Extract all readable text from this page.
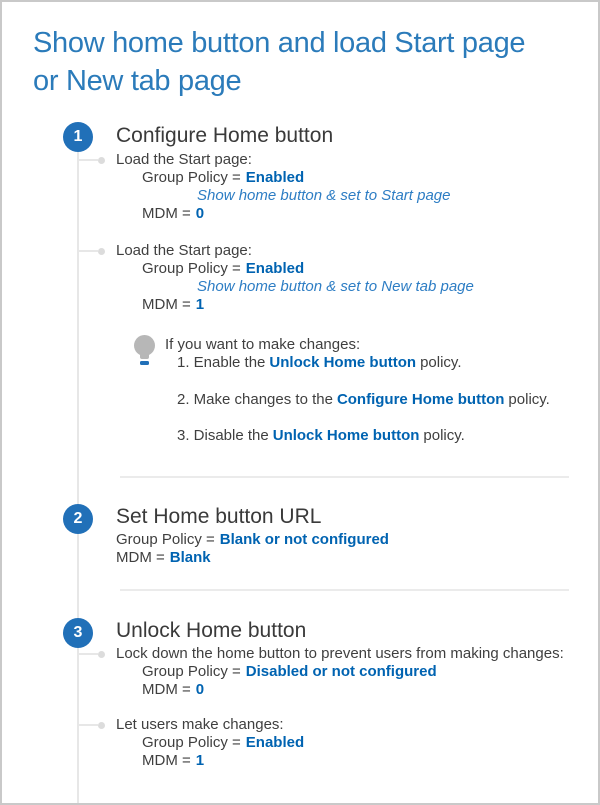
Show home button and load Start page
or New tab page
1 Configure Home button
Load the Start page:
Group Policy = Enabled
Show home button & set to Start page
MDM = 0
Load the Start page:
Group Policy = Enabled
Show home button & set to New tab page
MDM = 1
If you want to make changes:
1. Enable the Unlock Home button policy.
2. Make changes to the Configure Home button policy.
3. Disable the Unlock Home button policy.
2 Set Home button URL
Group Policy = Blank or not configured
MDM = Blank
3 Unlock Home button
Lock down the home button to prevent users from making changes:
Group Policy = Disabled or not configured
MDM = 0
Let users make changes:
Group Policy = Enabled
MDM = 1
